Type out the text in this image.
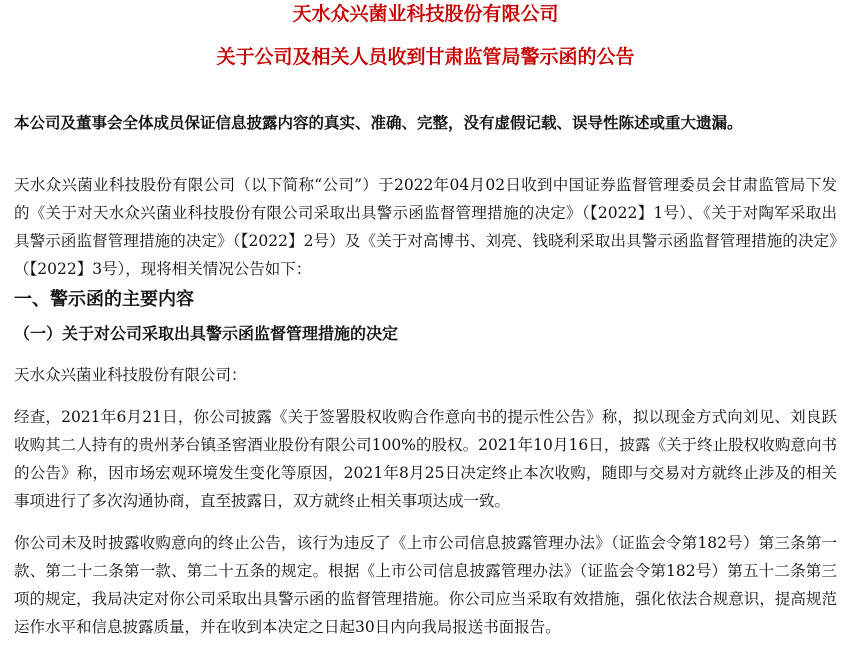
天水众兴菌业科技股份有限公司
关于公司及相关人员收到甘肃监管局警示函的公告

本公司及董事会全体成员保证信息披露内容的真实、准确、完整，没有虚假记载、误导性陈述或重大遗漏。

天水众兴菌业科技股份有限公司（以下简称“公司”）于2022年04月02日收到中国证券监督管理委员会甘肃监管局下发的《关于对天水众兴菌业科技股份有限公司采取出具警示函监督管理措施的决定》（【2022】1号）、《关于对陶军采取出具警示函监督管理措施的决定》（【2022】2号）及《关于对高博书、刘亮、钱晓利采取出具警示函监督管理措施的决定》（【2022】3号），现将相关情况公告如下：

一、警示函的主要内容
（一）关于对公司采取出具警示函监督管理措施的决定

天水众兴菌业科技股份有限公司：

经查，2021年6月21日，你公司披露《关于签署股权收购合作意向书的提示性公告》称，拟以现金方式向刘见、刘良跃收购其二人持有的贵州茅台镇圣窖酒业股份有限公司100%的股权。2021年10月16日，披露《关于终止股权收购意向书的公告》称，因市场宏观环境发生变化等原因，2021年8月25日决定终止本次收购，随即与交易对方就终止涉及的相关事项进行了多次沟通协商，直至披露日，双方就终止相关事项达成一致。

你公司未及时披露收购意向的终止公告，该行为违反了《上市公司信息披露管理办法》（证监会令第182号）第三条第一款、第二十二条第一款、第二十五条的规定。根据《上市公司信息披露管理办法》（证监会令第182号）第五十二条第三项的规定，我局决定对你公司采取出具警示函的监督管理措施。你公司应当采取有效措施，强化依法合规意识，提高规范运作水平和信息披露质量，并在收到本决定之日起30日内向我局报送书面报告。
